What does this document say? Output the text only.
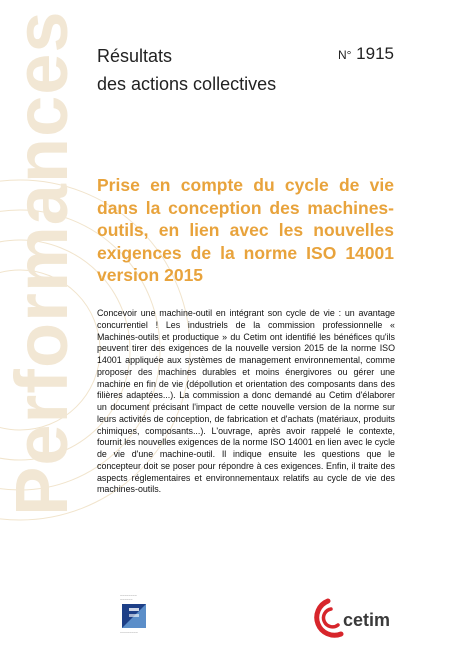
Performances Résultats
des actions collectives
N° 1915
Prise en compte du cycle de vie dans la conception des machines-outils, en lien avec les nouvelles exigences de la norme ISO 14001 version 2015
Concevoir une machine-outil en intégrant son cycle de vie : un avantage concurrentiel ! Les industriels de la commission professionnelle « Machines-outils et productique » du Cetim ont identifié les bénéfices qu'ils peuvent tirer des exigences de la nouvelle version 2015 de la norme ISO 14001 appliquée aux systèmes de management environnemental, comme proposer des machines durables et moins énergivores ou gérer une machine en fin de vie (dépollution et orientation des composants dans des filières adaptées...). La commission a donc demandé au Cetim d'élaborer un document précisant l'impact de cette nouvelle version de la norme sur leurs activités de conception, de fabrication et d'achats (matériaux, produits chimiques, composants...). L'ouvrage, après avoir rappelé le contexte, fournit les nouvelles exigences de la norme ISO 14001 en lien avec le cycle de vie d'une machine-outil. Il indique ensuite les questions que le concepteur doit se poser pour répondre à ces exigences. Enfin, il traite des aspects réglementaires et environnementaux relatifs au cycle de vie des machines-outils.
~~~~~~~~
~~~~~~
~~~~~~~~~
cetim
